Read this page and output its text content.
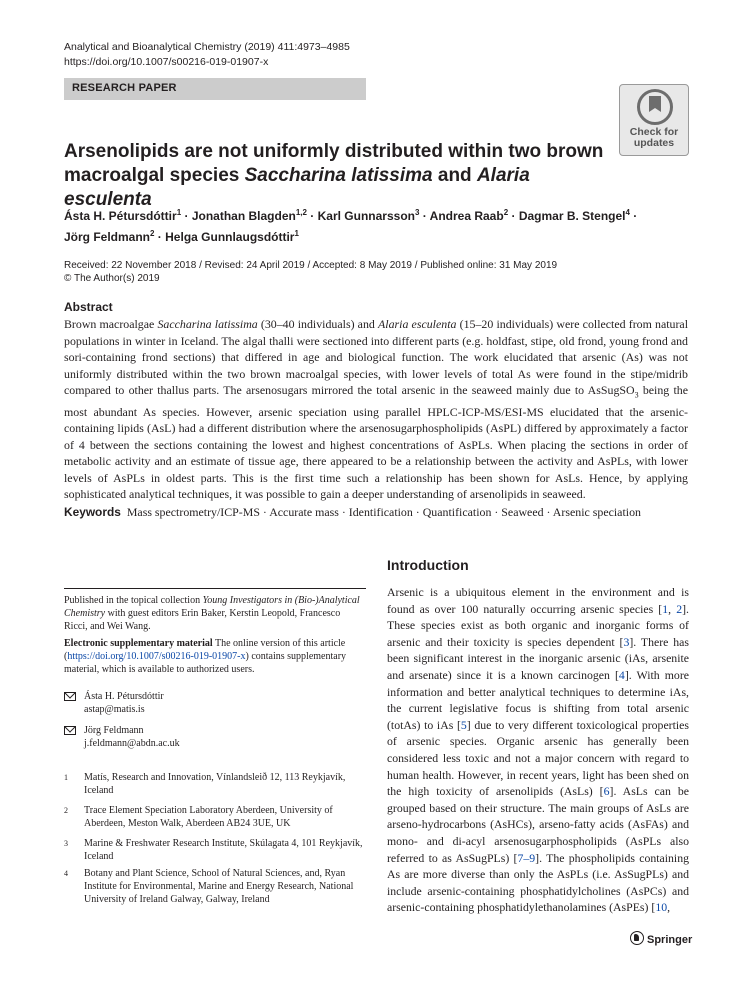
Analytical and Bioanalytical Chemistry (2019) 411:4973–4985
https://doi.org/10.1007/s00216-019-01907-x
RESEARCH PAPER
Check for
updates
Arsenolipids are not uniformly distributed within two brown macroalgal species Saccharina latissima and Alaria esculenta
Ásta H. Pétursdóttir$^1$ · Jonathan Blagden$^{1,2}$ · Karl Gunnarsson$^3$ · Andrea Raab$^2$ · Dagmar B. Stengel$^4$ ·
Jörg Feldmann$^2$ · Helga Gunnlaugsdóttir$^1$
Received: 22 November 2018 / Revised: 24 April 2019 / Accepted: 8 May 2019 / Published online: 31 May 2019
© The Author(s) 2019
Abstract

Brown macroalgae Saccharina latissima (30–40 individuals) and Alaria esculenta (15–20 individuals) were collected from natural populations in winter in Iceland. The algal thalli were sectioned into different parts (e.g. holdfast, stipe, old frond, young frond and sori-containing frond sections) that differed in age and biological function. The work elucidated that arsenic (As) was not uniformly distributed within the two brown macroalgal species, with lower levels of total As were found in the stipe/midrib compared to other thallus parts. The arsenosugars mirrored the total arsenic in the seaweed mainly due to AsSugSO$_3$ being the most abundant As species. However, arsenic speciation using parallel HPLC-ICP-MS/ESI-MS elucidated that the arsenic-containing lipids (AsL) had a different distribution where the arsenosugarphospholipids (AsPL) differed by approximately a factor of 4 between the sections containing the lowest and highest concentrations of AsPLs. When placing the sections in order of metabolic activity and an estimate of tissue age, there appeared to be a relationship between the activity and AsPLs, with lower levels of AsPLs in oldest parts. This is the first time such a relationship has been shown for AsLs. Hence, by applying sophisticated analytical techniques, it was possible to gain a deeper understanding of arsenolipids in seaweed.

Keywords Mass spectrometry/ICP-MS · Accurate mass · Identification · Quantification · Seaweed · Arsenic speciation

Published in the topical collection Young Investigators in (Bio-)Analytical Chemistry with guest editors Erin Baker, Kerstin Leopold, Francesco Ricci, and Wei Wang.

Electronic supplementary material The online version of this article (https://doi.org/10.1007/s00216-019-01907-x) contains supplementary material, which is available to authorized users.

Ásta H. Pétursdóttir
astap@matis.is
Jörg Feldmann
j.feldmann@abdn.ac.uk
1 Matís, Research and Innovation, Vínlandsleið 12, 113 Reykjavík, Iceland
2 Trace Element Speciation Laboratory Aberdeen, University of Aberdeen, Meston Walk, Aberdeen AB24 3UE, UK
3 Marine & Freshwater Research Institute, Skúlagata 4, 101 Reykjavík, Iceland
4 Botany and Plant Science, School of Natural Sciences, and, Ryan Institute for Environmental, Marine and Energy Research, National University of Ireland Galway, Galway, Ireland
Introduction

Arsenic is a ubiquitous element in the environment and is found as over 100 naturally occurring arsenic species [1, 2]. These species exist as both organic and inorganic forms of arsenic and their toxicity is species dependent [3]. There has been significant interest in the inorganic arsenic (iAs, arsenite and arsenate) since it is a known carcinogen [4]. With more information and better analytical techniques to determine iAs, the current legislative focus is shifting from total arsenic (totAs) to iAs [5] due to very different toxicological properties of arsenic species. Organic arsenic has generally been considered less toxic and not a major concern with regard to human health. However, in recent years, light has been shed on the high toxicity of arsenolipids (AsLs) [6]. AsLs can be grouped based on their structure. The main groups of AsLs are arseno-hydrocarbons (AsHCs), arseno-fatty acids (AsFAs) and mono- and di-acyl arsenosugarphospholipids (AsPLs also referred to as AsSugPLs) [7–9]. The phospholipids containing As are more diverse than only the AsPLs (i.e. AsSugPLs) and include arsenic-containing phosphatidylcholines (AsPCs) and arsenic-containing phosphatidylethanolamines (AsPEs) [10,

Springer
